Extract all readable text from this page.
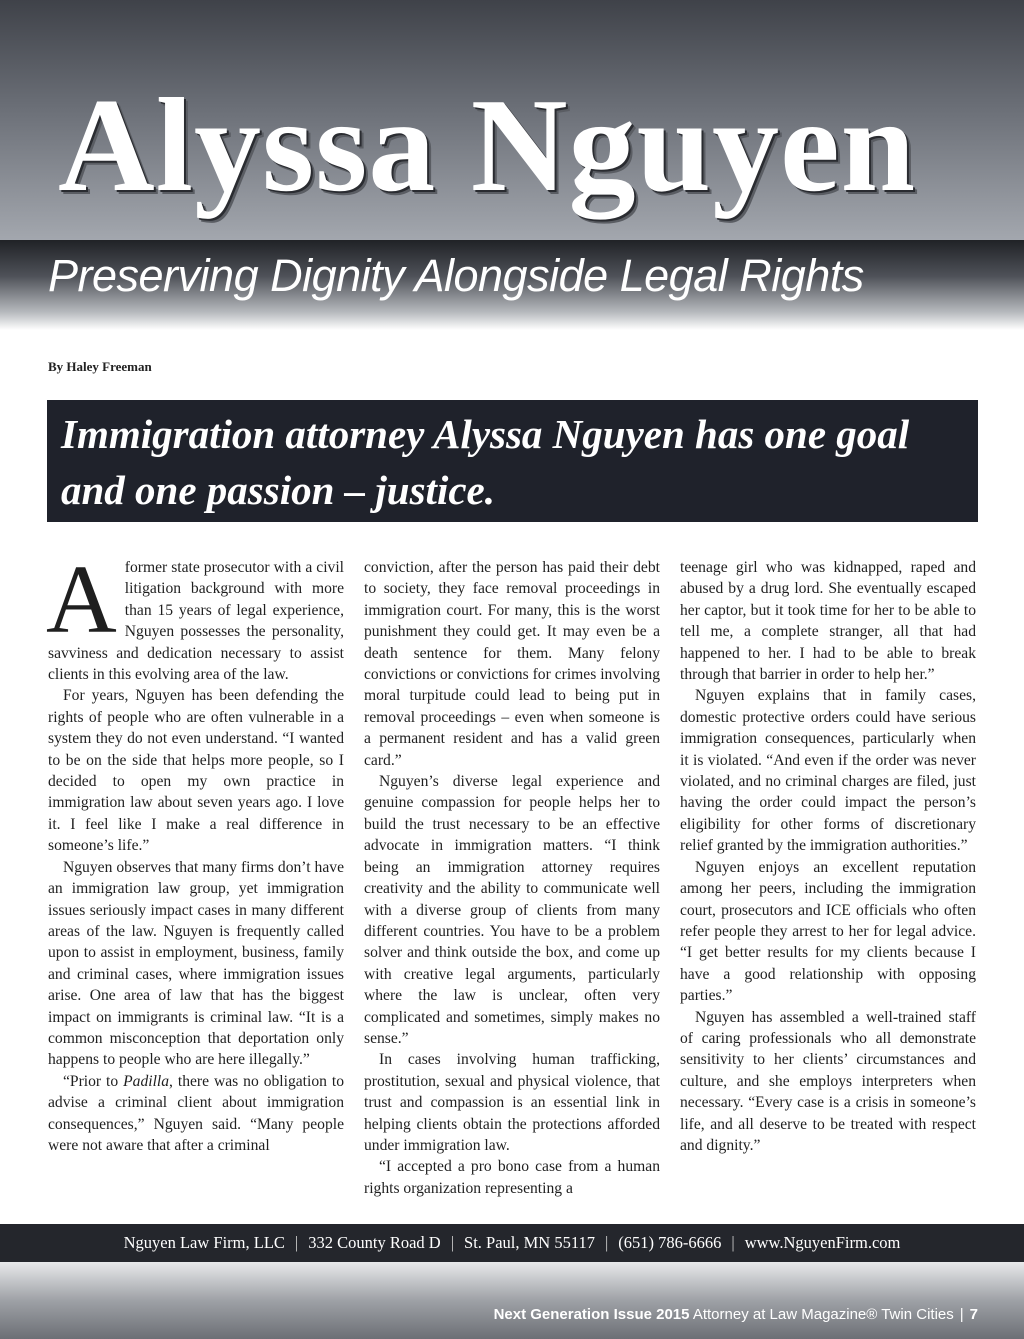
Alyssa Nguyen
Preserving Dignity Alongside Legal Rights
By Haley Freeman

Immigration attorney Alyssa Nguyen has one goal and one passion – justice.

Aformer state prosecutor with a civil litigation background with more than 15 years of legal experience, Nguyen possesses the personality, savviness and dedication necessary to assist clients in this evolving area of the law.

For years, Nguyen has been defending the rights of people who are often vulnerable in a system they do not even understand. “I wanted to be on the side that helps more people, so I decided to open my own practice in immigration law about seven years ago. I love it. I feel like I make a real difference in someone’s life.”

Nguyen observes that many firms don’t have an immigration law group, yet immigration issues seriously impact cases in many different areas of the law. Nguyen is frequently called upon to assist in employment, business, family and criminal cases, where immigration issues arise. One area of law that has the biggest impact on immigrants is criminal law. “It is a common misconception that deportation only happens to people who are here illegally.”

“Prior to Padilla, there was no obligation to advise a criminal client about immigration consequences,” Nguyen said. “Many people were not aware that after a criminal

conviction, after the person has paid their debt to society, they face removal proceedings in immigration court. For many, this is the worst punishment they could get. It may even be a death sentence for them. Many felony convictions or convictions for crimes involving moral turpitude could lead to being put in removal proceedings – even when someone is a permanent resident and has a valid green card.”

Nguyen’s diverse legal experience and genuine compassion for people helps her to build the trust necessary to be an effective advocate in immigration matters. “I think being an immigration attorney requires creativity and the ability to communicate well with a diverse group of clients from many different countries. You have to be a problem solver and think outside the box, and come up with creative legal arguments, particularly where the law is unclear, often very complicated and sometimes, simply makes no sense.”

In cases involving human trafficking, prostitution, sexual and physical violence, that trust and compassion is an essential link in helping clients obtain the protections afforded under immigration law.

“I accepted a pro bono case from a human rights organization representing a

teenage girl who was kidnapped, raped and abused by a drug lord. She eventually escaped her captor, but it took time for her to be able to tell me, a complete stranger, all that had happened to her. I had to be able to break through that barrier in order to help her.”

Nguyen explains that in family cases, domestic protective orders could have serious immigration consequences, particularly when it is violated. “And even if the order was never violated, and no criminal charges are filed, just having the order could impact the person’s eligibility for other forms of discretionary relief granted by the immigration authorities.”

Nguyen enjoys an excellent reputation among her peers, including the immigration court, prosecutors and ICE officials who often refer people they arrest to her for legal advice. “I get better results for my clients because I have a good relationship with opposing parties.”

Nguyen has assembled a well-trained staff of caring professionals who all demonstrate sensitivity to her clients’ circumstances and culture, and she employs interpreters when necessary. “Every case is a crisis in someone’s life, and all deserve to be treated with respect and dignity.”

Nguyen Law Firm, LLC | 332 County Road D | St. Paul, MN 55117 | (651) 786-6666 | www.NguyenFirm.com
Next Generation Issue 2015 Attorney at Law Magazine® Twin Cities | 7
